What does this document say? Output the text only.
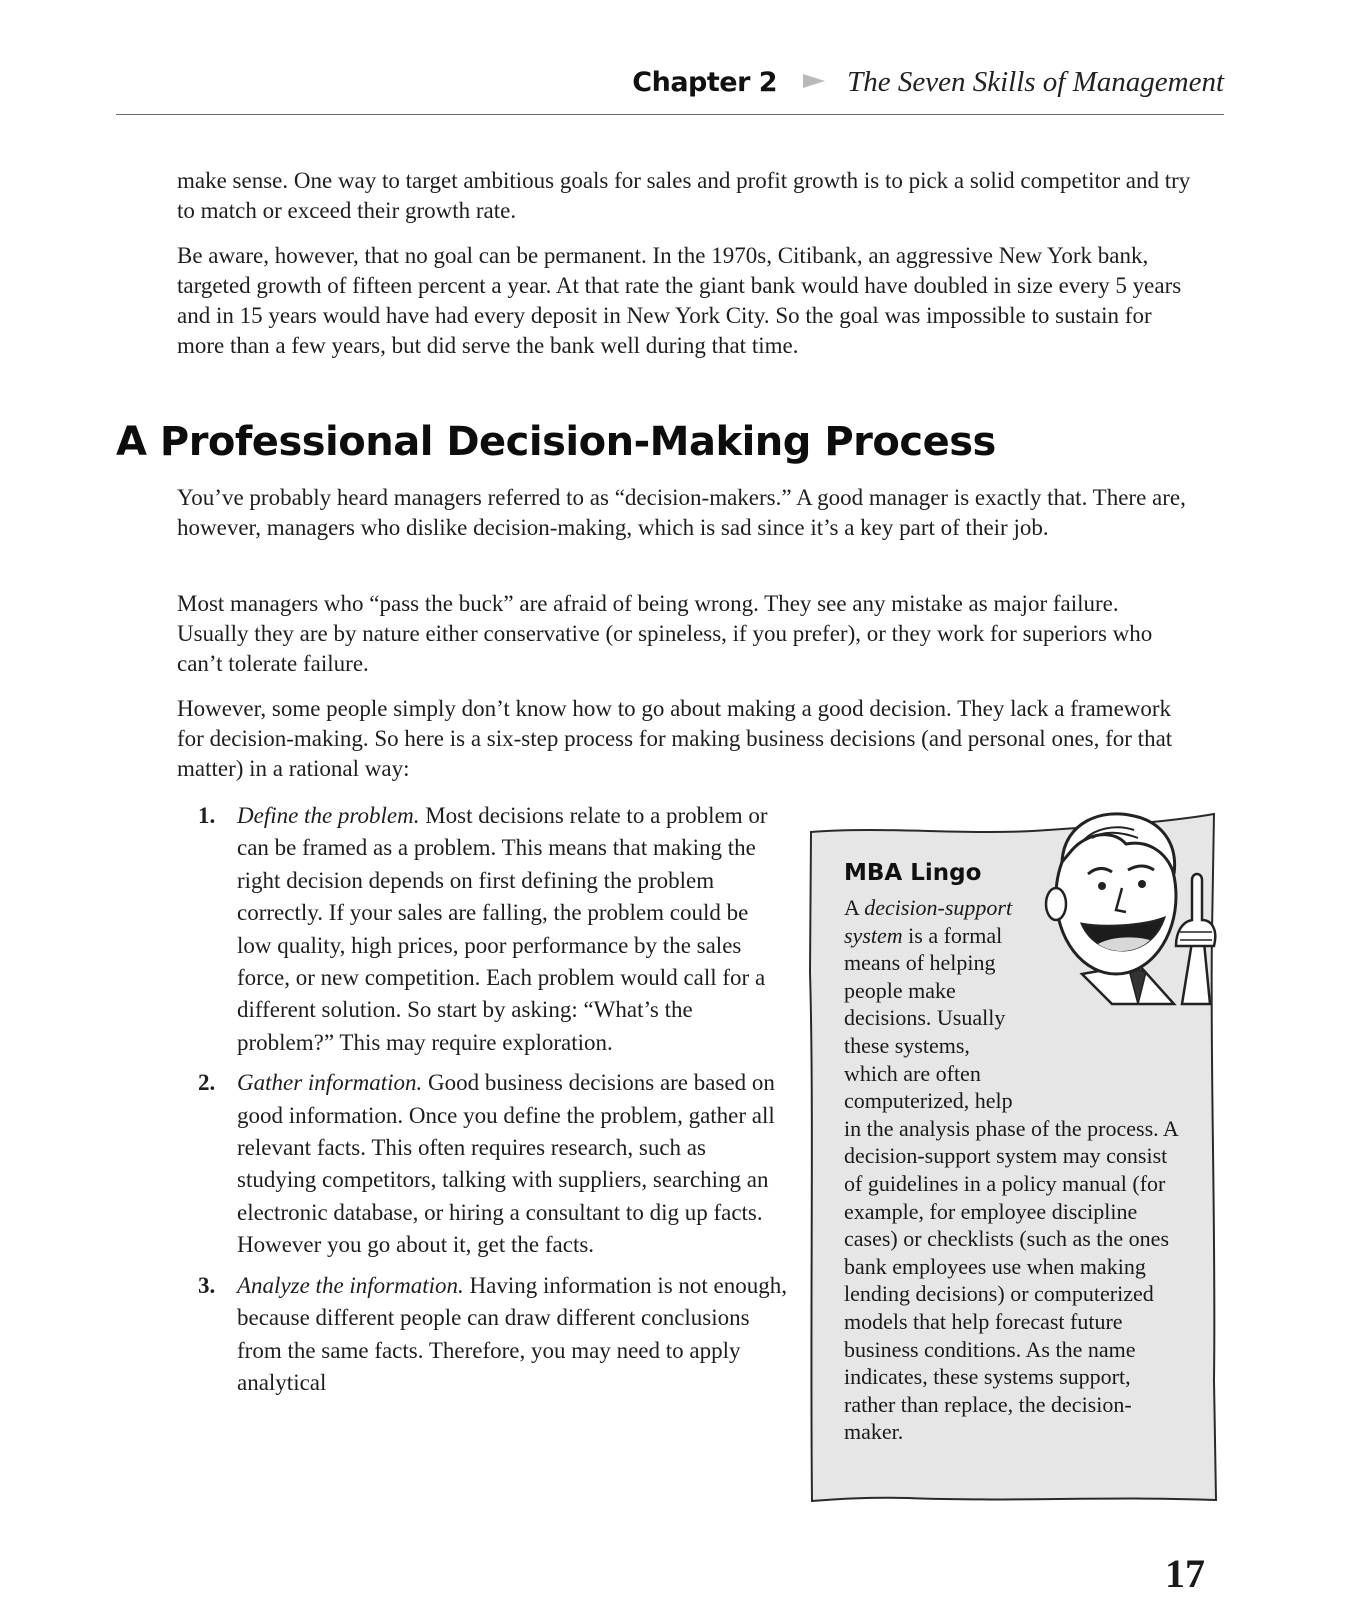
Chapter 2 The Seven Skills of Management

make sense. One way to target ambitious goals for sales and profit growth is to pick a solid competitor and try to match or exceed their growth rate.

Be aware, however, that no goal can be permanent. In the 1970s, Citibank, an aggressive New York bank, targeted growth of fifteen percent a year. At that rate the giant bank would have doubled in size every 5 years and in 15 years would have had every deposit in New York City. So the goal was impossible to sustain for more than a few years, but did serve the bank well during that time.

A Professional Decision-Making Process

You’ve probably heard managers referred to as “decision-makers.” A good manager is exactly that. There are, however, managers who dislike decision-making, which is sad since it’s a key part of their job.

Most managers who “pass the buck” are afraid of being wrong. They see any mistake as major failure. Usually they are by nature either conservative (or spineless, if you prefer), or they work for superiors who can’t tolerate failure.

However, some people simply don’t know how to go about making a good decision. They lack a framework for decision-making. So here is a six-step process for making business decisions (and personal ones, for that matter) in a rational way:

1. Define the problem. Most decisions relate to a problem or can be framed as a problem. This means that making the right decision depends on first defining the problem correctly. If your sales are falling, the problem could be low quality, high prices, poor performance by the sales force, or new competition. Each problem would call for a different solution. So start by asking: “What’s the problem?” This may require exploration.
2. Gather information. Good business decisions are based on good information. Once you define the problem, gather all relevant facts. This often requires research, such as studying competitors, talking with suppliers, searching an electronic database, or hiring a consultant to dig up facts. However you go about it, get the facts.
3. Analyze the information. Having information is not enough, because different people can draw different conclusions from the same facts. Therefore, you may need to apply analytical
MBA Lingo

A decision-support system is a formal means of helping people make decisions. Usually these systems, which are often computerized, help in the analysis phase of the process. A decision-support system may consist of guidelines in a policy manual (for example, for employee discipline cases) or checklists (such as the ones bank employees use when making lending decisions) or computerized models that help forecast future business conditions. As the name indicates, these systems support, rather than replace, the decision-maker.

17
